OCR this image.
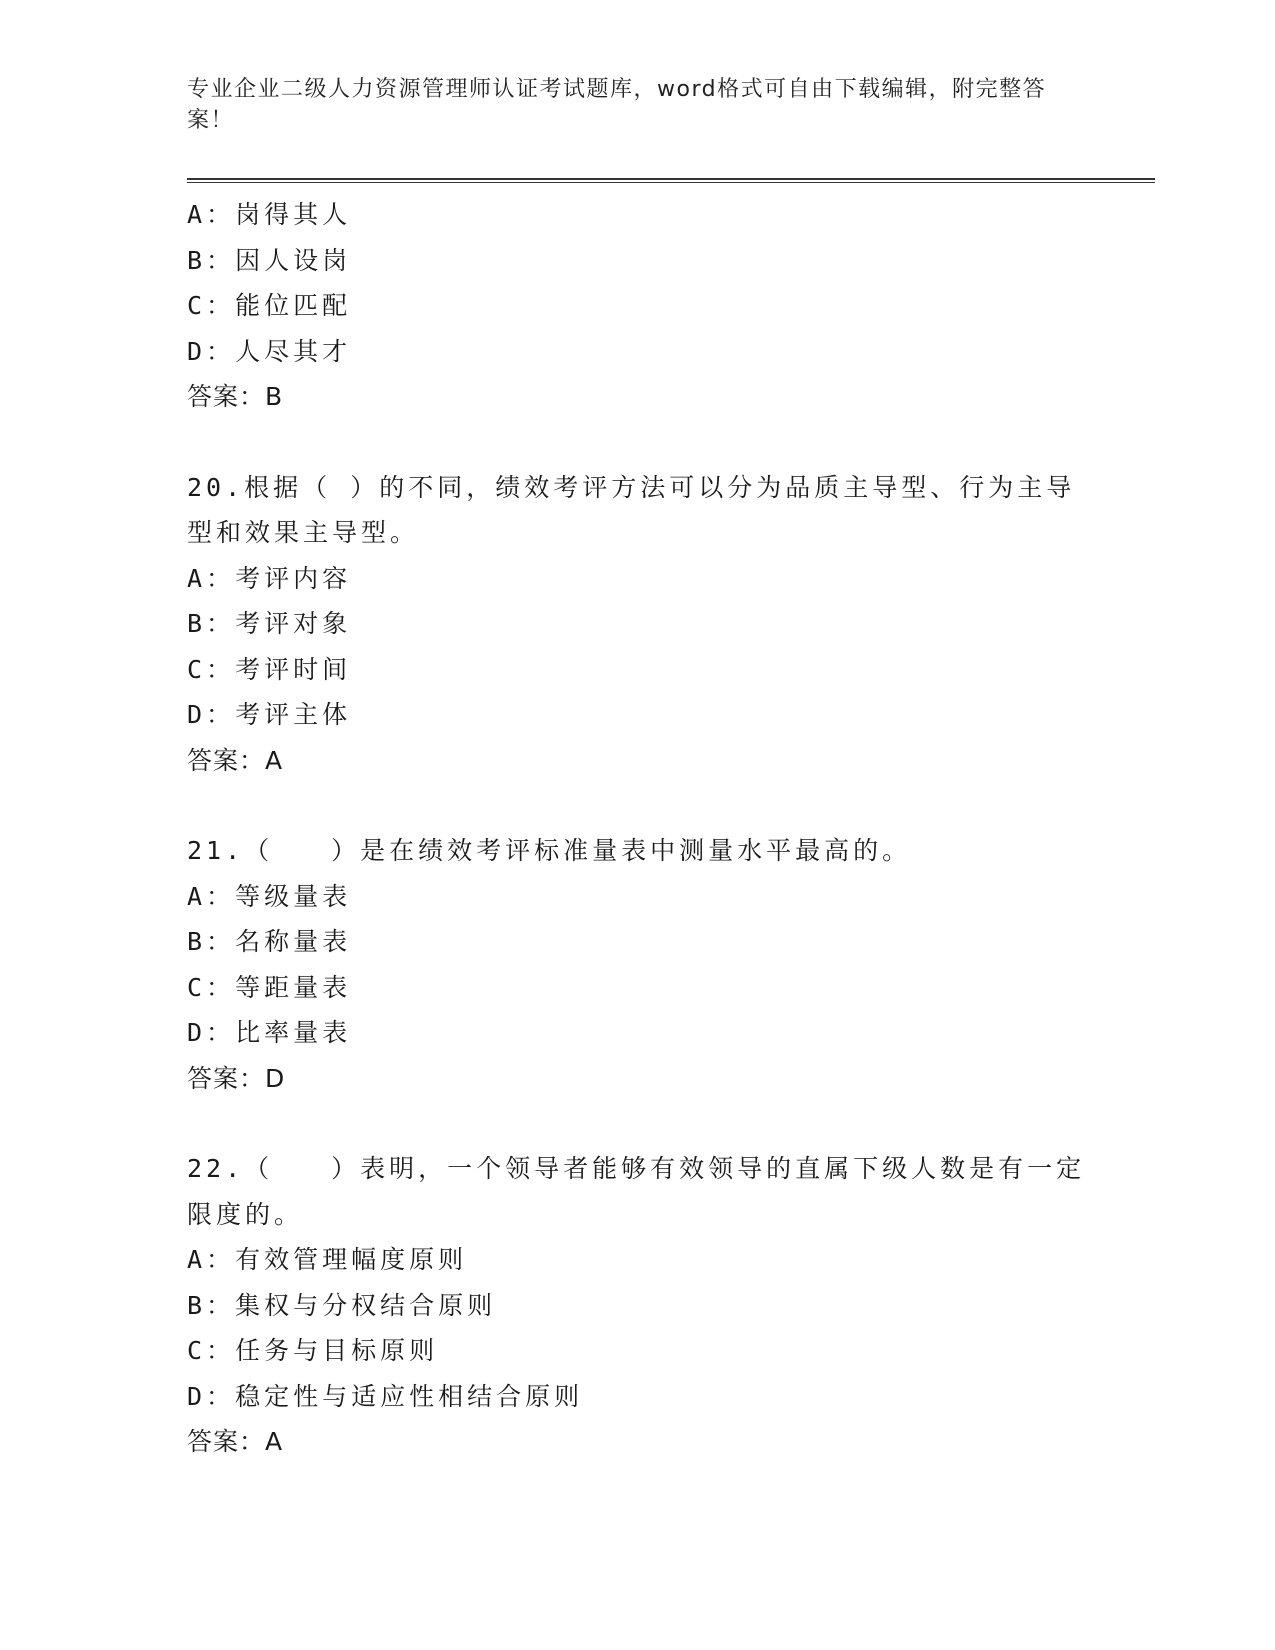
专业企业二级人力资源管理师认证考试题库，word格式可自由下载编辑，附完整答案！
A：岗得其人
B：因人设岗
C：能位匹配
D：人尽其才
答案：B
20.根据（ ）的不同，绩效考评方法可以分为品质主导型、行为主导型和效果主导型。
A：考评内容
B：考评对象
C：考评时间
D：考评主体
答案：A
21.（　　）是在绩效考评标准量表中测量水平最高的。
A：等级量表
B：名称量表
C：等距量表
D：比率量表
答案：D
22.（　　）表明，一个领导者能够有效领导的直属下级人数是有一定限度的。
A：有效管理幅度原则
B：集权与分权结合原则
C：任务与目标原则
D：稳定性与适应性相结合原则
答案：A
